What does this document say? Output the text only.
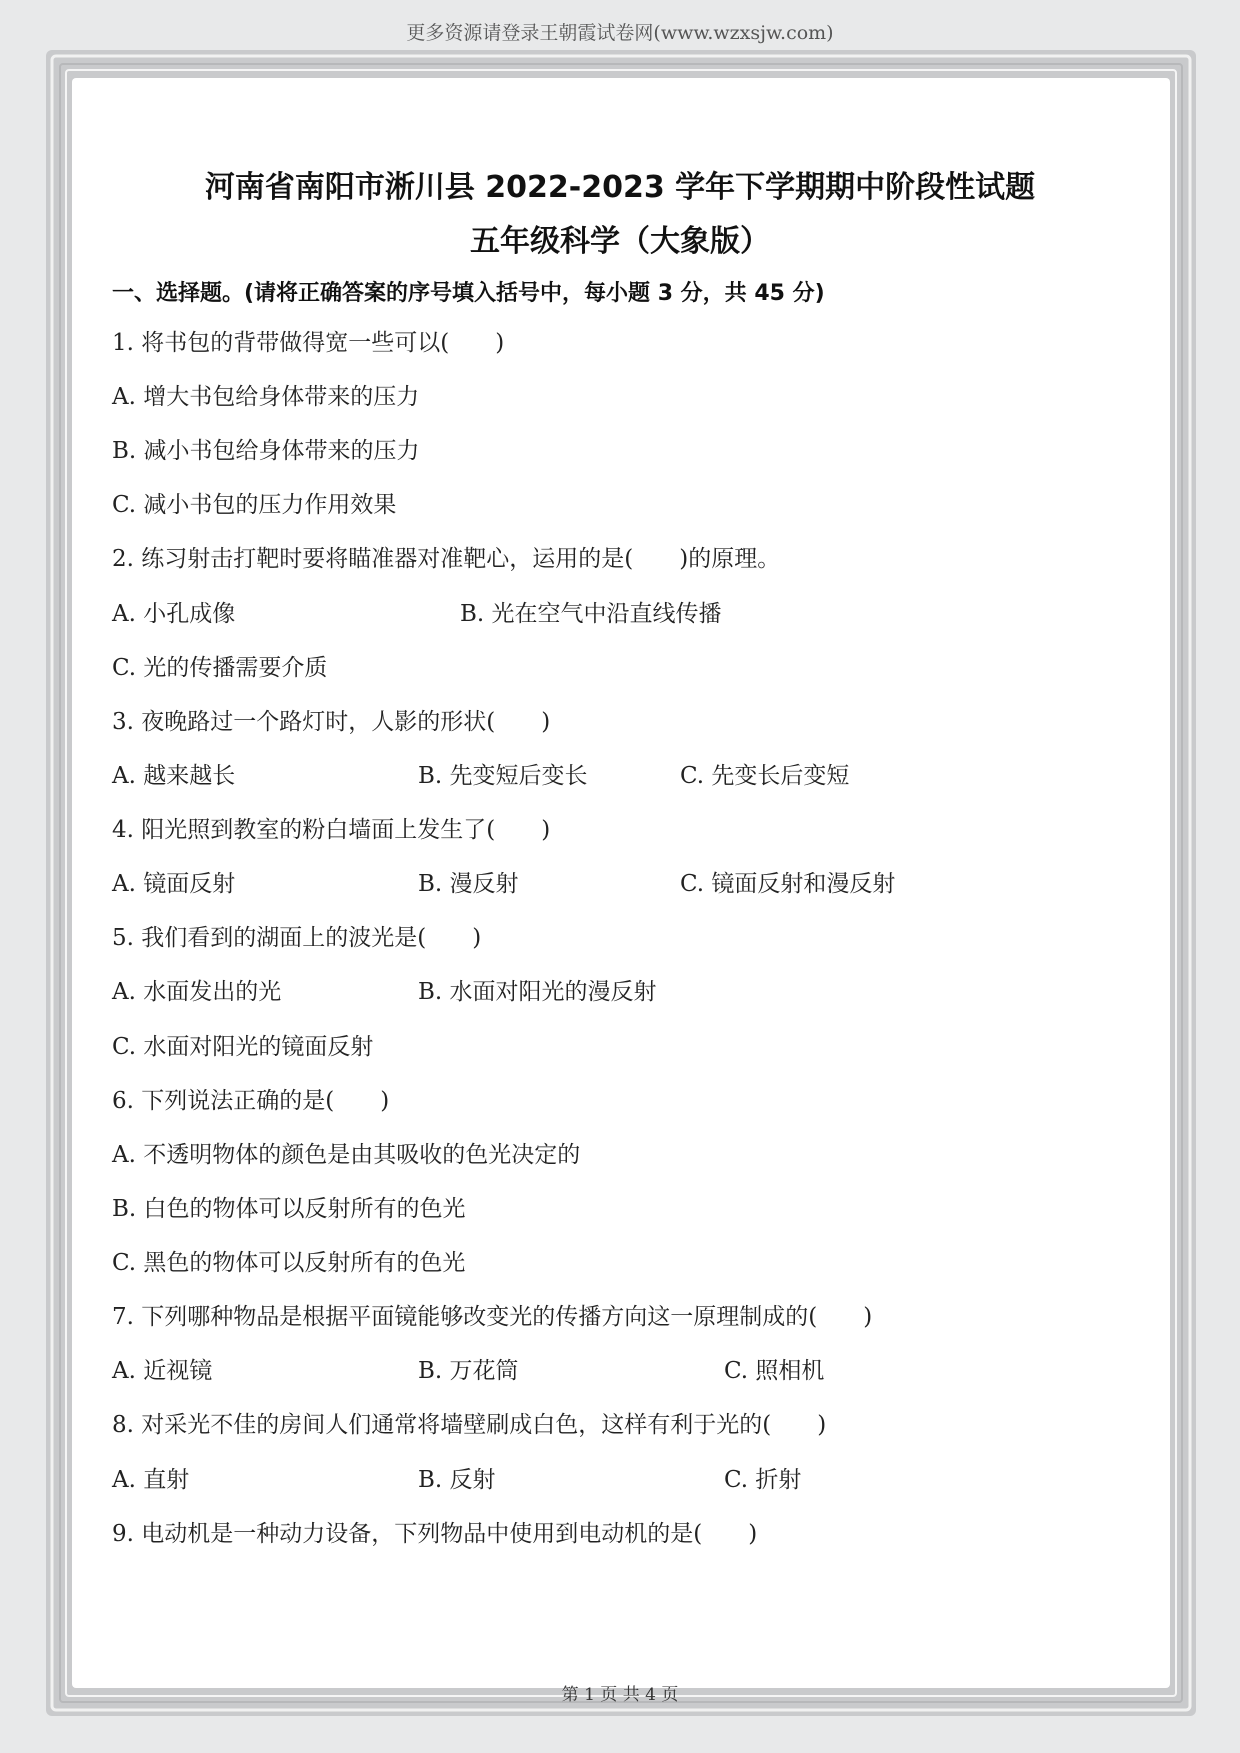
更多资源请登录王朝霞试卷网(www.wzxsjw.com)
河南省南阳市淅川县 2022-2023 学年下学期期中阶段性试题
五年级科学（大象版）
一、选择题。(请将正确答案的序号填入括号中，每小题 3 分，共 45 分)
1. 将书包的背带做得宽一些可以(　　)
A. 增大书包给身体带来的压力
B. 减小书包给身体带来的压力
C. 减小书包的压力作用效果
2. 练习射击打靶时要将瞄准器对准靶心，运用的是(　　)的原理。
A. 小孔成像	B. 光在空气中沿直线传播
C. 光的传播需要介质
3. 夜晚路过一个路灯时，人影的形状(　　)
A. 越来越长	B. 先变短后变长	C. 先变长后变短
4. 阳光照到教室的粉白墙面上发生了(　　)
A. 镜面反射	B. 漫反射	C. 镜面反射和漫反射
5. 我们看到的湖面上的波光是(　　)
A. 水面发出的光	B. 水面对阳光的漫反射
C. 水面对阳光的镜面反射
6. 下列说法正确的是(　　)
A. 不透明物体的颜色是由其吸收的色光决定的
B. 白色的物体可以反射所有的色光
C. 黑色的物体可以反射所有的色光
7. 下列哪种物品是根据平面镜能够改变光的传播方向这一原理制成的(　　)
A. 近视镜	B. 万花筒	C. 照相机
8. 对采光不佳的房间人们通常将墙壁刷成白色，这样有利于光的(　　)
A. 直射	B. 反射	C. 折射
9. 电动机是一种动力设备，下列物品中使用到电动机的是(　　)
第 1 页 共 4 页
